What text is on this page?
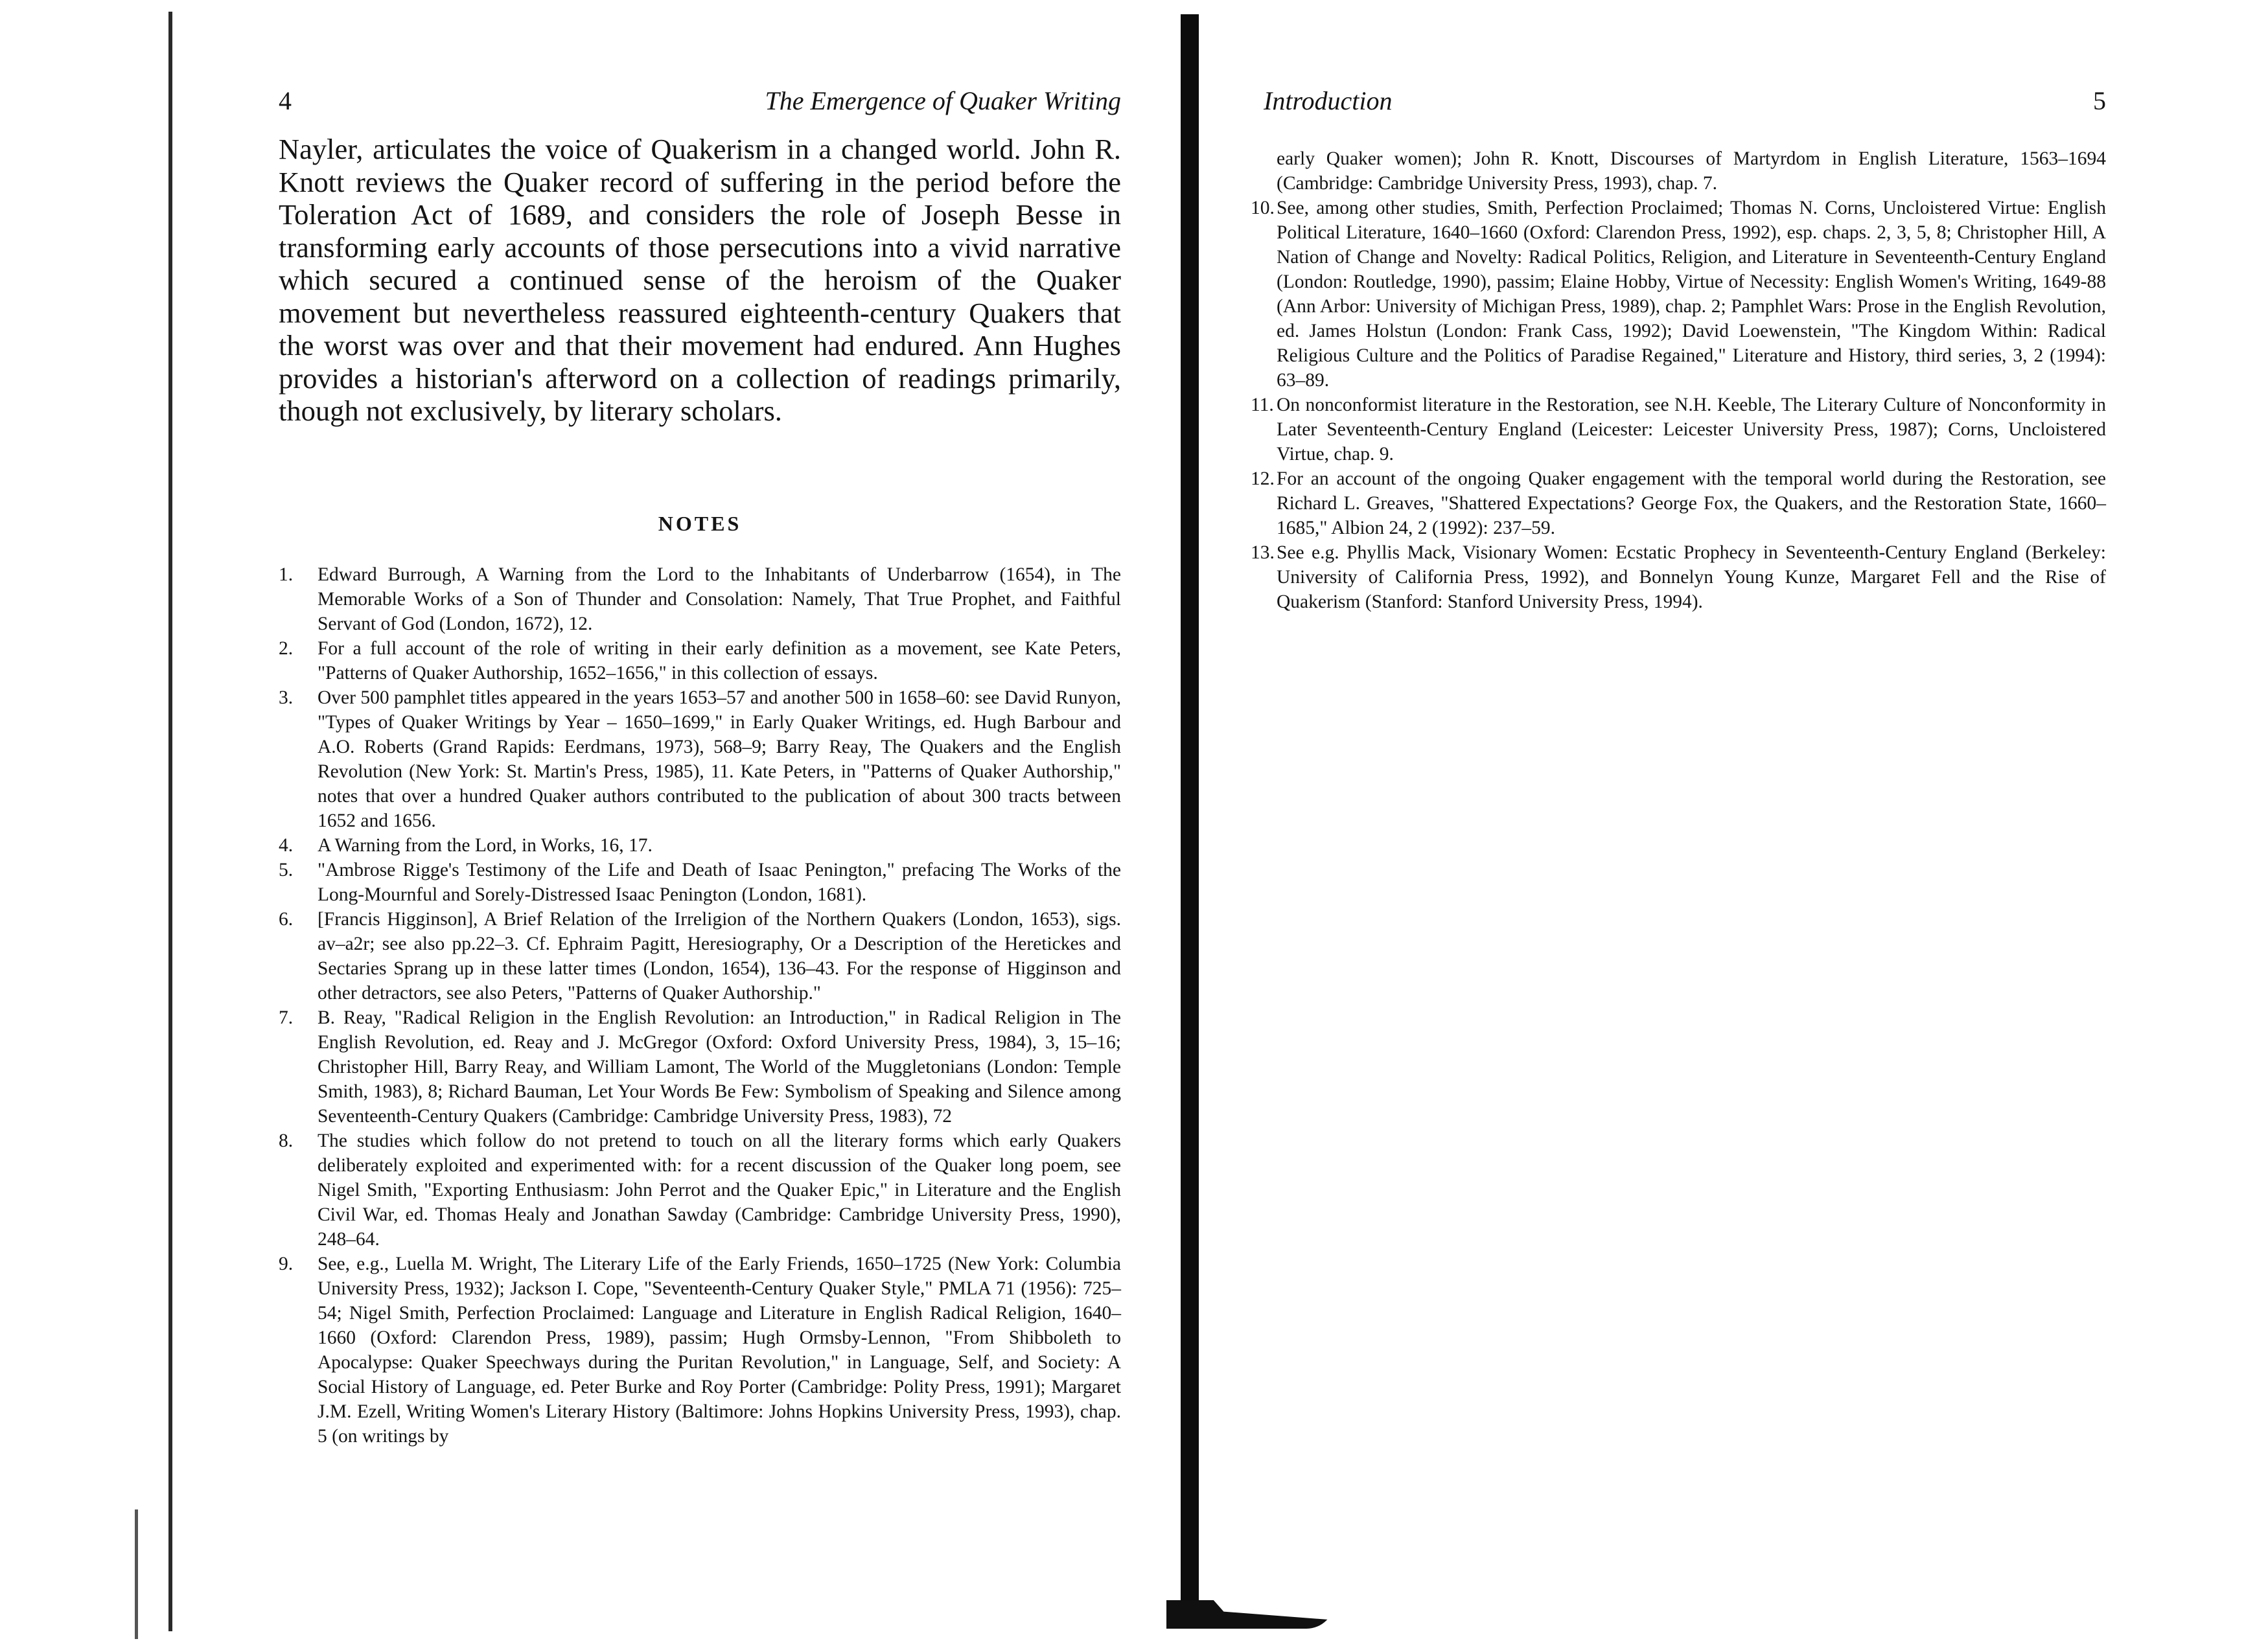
4	The Emergence of Quaker Writing

Nayler, articulates the voice of Quakerism in a changed world. John R. Knott reviews the Quaker record of suffering in the period before the Toleration Act of 1689, and considers the role of Joseph Besse in transforming early accounts of those persecutions into a vivid narrative which secured a continued sense of the heroism of the Quaker movement but nevertheless reassured eighteenth-century Quakers that the worst was over and that their movement had endured. Ann Hughes provides a historian's afterword on a collection of readings primarily, though not exclusively, by literary scholars.

NOTES
1.	Edward Burrough, A Warning from the Lord to the Inhabitants of Underbarrow (1654), in The Memorable Works of a Son of Thunder and Consolation: Namely, That True Prophet, and Faithful Servant of God (London, 1672), 12.
2.	For a full account of the role of writing in their early definition as a movement, see Kate Peters, "Patterns of Quaker Authorship, 1652–1656," in this collection of essays.
3.	Over 500 pamphlet titles appeared in the years 1653–57 and another 500 in 1658–60: see David Runyon, "Types of Quaker Writings by Year – 1650–1699," in Early Quaker Writings, ed. Hugh Barbour and A.O. Roberts (Grand Rapids: Eerdmans, 1973), 568–9; Barry Reay, The Quakers and the English Revolution (New York: St. Martin's Press, 1985), 11. Kate Peters, in "Patterns of Quaker Authorship," notes that over a hundred Quaker authors contributed to the publication of about 300 tracts between 1652 and 1656.
4.	A Warning from the Lord, in Works, 16, 17.
5.	"Ambrose Rigge's Testimony of the Life and Death of Isaac Penington," prefacing The Works of the Long-Mournful and Sorely-Distressed Isaac Penington (London, 1681).
6.	[Francis Higginson], A Brief Relation of the Irreligion of the Northern Quakers (London, 1653), sigs. av–a2r; see also pp.22–3. Cf. Ephraim Pagitt, Heresiography, Or a Description of the Heretickes and Sectaries Sprang up in these latter times (London, 1654), 136–43. For the response of Higginson and other detractors, see also Peters, "Patterns of Quaker Authorship."
7.	B. Reay, "Radical Religion in the English Revolution: an Introduction," in Radical Religion in The English Revolution, ed. Reay and J. McGregor (Oxford: Oxford University Press, 1984), 3, 15–16; Christopher Hill, Barry Reay, and William Lamont, The World of the Muggletonians (London: Temple Smith, 1983), 8; Richard Bauman, Let Your Words Be Few: Symbolism of Speaking and Silence among Seventeenth-Century Quakers (Cambridge: Cambridge University Press, 1983), 72
8.	The studies which follow do not pretend to touch on all the literary forms which early Quakers deliberately exploited and experimented with: for a recent discussion of the Quaker long poem, see Nigel Smith, "Exporting Enthusiasm: John Perrot and the Quaker Epic," in Literature and the English Civil War, ed. Thomas Healy and Jonathan Sawday (Cambridge: Cambridge University Press, 1990), 248–64.
9.	See, e.g., Luella M. Wright, The Literary Life of the Early Friends, 1650–1725 (New York: Columbia University Press, 1932); Jackson I. Cope, "Seventeenth-Century Quaker Style," PMLA 71 (1956): 725–54; Nigel Smith, Perfection Proclaimed: Language and Literature in English Radical Religion, 1640–1660 (Oxford: Clarendon Press, 1989), passim; Hugh Ormsby-Lennon, "From Shibboleth to Apocalypse: Quaker Speechways during the Puritan Revolution," in Language, Self, and Society: A Social History of Language, ed. Peter Burke and Roy Porter (Cambridge: Polity Press, 1991); Margaret J.M. Ezell, Writing Women's Literary History (Baltimore: Johns Hopkins University Press, 1993), chap. 5 (on writings by
Introduction	5
early Quaker women); John R. Knott, Discourses of Martyrdom in English Literature, 1563–1694 (Cambridge: Cambridge University Press, 1993), chap. 7.
10. See, among other studies, Smith, Perfection Proclaimed; Thomas N. Corns, Uncloistered Virtue: English Political Literature, 1640–1660 (Oxford: Clarendon Press, 1992), esp. chaps. 2, 3, 5, 8; Christopher Hill, A Nation of Change and Novelty: Radical Politics, Religion, and Literature in Seventeenth-Century England (London: Routledge, 1990), passim; Elaine Hobby, Virtue of Necessity: English Women's Writing, 1649-88 (Ann Arbor: University of Michigan Press, 1989), chap. 2; Pamphlet Wars: Prose in the English Revolution, ed. James Holstun (London: Frank Cass, 1992); David Loewenstein, "The Kingdom Within: Radical Religious Culture and the Politics of Paradise Regained," Literature and History, third series, 3, 2 (1994): 63–89.
11. On nonconformist literature in the Restoration, see N.H. Keeble, The Literary Culture of Nonconformity in Later Seventeenth-Century England (Leicester: Leicester University Press, 1987); Corns, Uncloistered Virtue, chap. 9.
12. For an account of the ongoing Quaker engagement with the temporal world during the Restoration, see Richard L. Greaves, "Shattered Expectations? George Fox, the Quakers, and the Restoration State, 1660–1685," Albion 24, 2 (1992): 237–59.
13. See e.g. Phyllis Mack, Visionary Women: Ecstatic Prophecy in Seventeenth-Century England (Berkeley: University of California Press, 1992), and Bonnelyn Young Kunze, Margaret Fell and the Rise of Quakerism (Stanford: Stanford University Press, 1994).
